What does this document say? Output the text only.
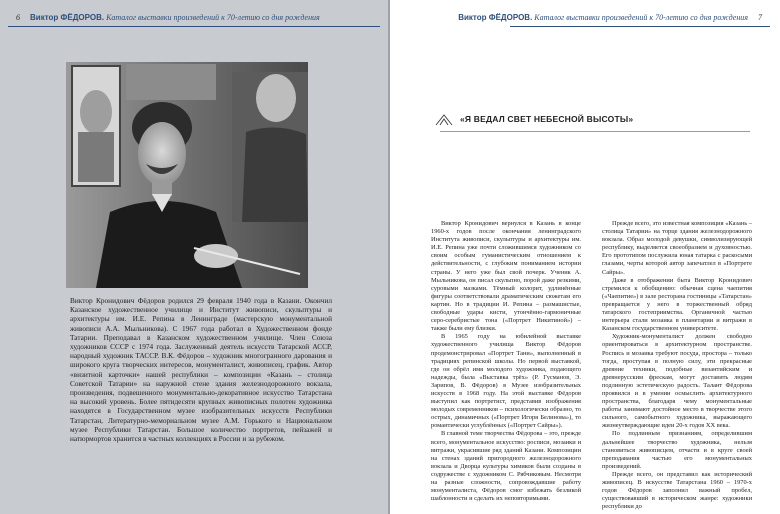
6 Виктор ФЁДОРОВ. Каталог выставки произведений к 70-летию со дня рождения
Виктор Кронидович Фёдоров родился 29 февраля 1940 года в Казани. Окончил Казанское художественное училище и Институт живописи, скульптуры и архитектуры им. И.Е. Репина в Ленинграде (мастерскую монументальной живописи А.А. Мыльникова). С 1967 года работал в Художественном фонде Татарии. Преподавал в Казанском художественном училище. Член Союза художников СССР с 1974 года. Заслуженный деятель искусств Татарской АССР, народный художник ТАССР. В.К. Фёдоров – художник многогранного дарования и широкого круга творческих интересов, монументалист, живописец, график. Автор «визитной карточки» нашей республики – композиции «Казань – столица Советской Татарии» на наружной стене здания железнодорожного вокзала, произведения, подвешенного монументально-декоративное искусство Татарстана на высокий уровень. Более пятидесяти крупных живописных полотен художника находятся в Государственном музее изобразительных искусств Республики Татарстан, Литературно-мемориальном музее А.М. Горького и Национальном музее Республики Татарстан. Большое количество портретов, пейзажей и натюрмортов хранится в частных коллекциях в России и за рубежом.
Виктор ФЁДОРОВ. Каталог выставки произведений к 70-летию со дня рождения 7
«Я ВЕДАЛ СВЕТ НЕБЕСНОЙ ВЫСОТЫ»

Виктор Кронидович вернулся в Казань в конце 1960-х годов после окончания ленинградского Института живописи, скульптуры и архитектуры им. И.Е. Репина уже почти сложившимся художником со своим особым гуманистическим отношением к действительности, с глубоким пониманием истории страны. У него уже был свой почерк. Ученик А. Мыльникова, он писал скульпно, порой даже резкими, суровыми мазками. Тёмный колорит, удлинённые фигуры соответствовали драматическим сюжетам его картин. Но в традиции И. Репина – размашистые, свободные удары кисти, утончённо-гармоничные серо-серебристые тона («Портрет Никитиной») – также были ему близки.

В 1965 году на юбилейной выставке художественного училища Виктор Фёдоров продемонстрировал «Портрет Тани», выполненный в традициях репинской школы. Но первой выставкой, где он обрёл имя молодого художника, подающего надежды, была «Выставка трёх» (Р. Гусманов, Э. Зарипов, В. Фёдоров) в Музее изобразительных искусств в 1968 году. На этой выставке Фёдоров выступил как портретист, представив изображения молодых современников – психологически образно, то острых, динамичных («Портрет Игоря Белинова»), то романтически углублённых («Портрет Сайры»).

В главной теме творчества Фёдорова – это, прежде всего, монументальное искусство: росписи, мозаики и витражи, украсившие ряд зданий Казани. Композиции на стенах зданий пригородного железнодорожного вокзала и Дворца культуры химиков были созданы в содружестве с художником С. Рябчиковым. Несмотря на разные сложности, сопровождавшие работу монументалиста, Фёдоров смог избежать безликой шаблонности и сделать их неповторимыми.

Прежде всего, это известная композиция «Казань – столица Татарии» на торце здания железнодорожного вокзала. Образ молодой девушки, символизирующей республику, выделяется своеобразием и духовностью. Его прототипом послужила юная татарка с раскосыми глазами, черты которой автор запечатлел в «Портрете Сайры».

Даже в отображении быта Виктор Кронидович стремился к обобщению: обычная сцена чаепития («Чаепитие») в зале ресторана гостиницы «Татарстан» превращается у него в торжественный обряд татарского гостеприимства. Органичной частью интерьера стали мозаика в планетарии и витражи в Казанском государственном университете.

Художник-монументалист должен свободно ориентироваться в архитектурном пространстве. Роспись и мозаика требуют посуда, простора – только тогда, проступая в полную силу, эти прекрасные древние техники, подобные византийским и древнерусским фрескам, могут доставить людям подлинную эстетическую радость. Талант Фёдорова проявился и в умении осмыслить архитектурного пространства, благодаря чему монументальные работы занимают достойное место в творчестве этого сильного, самобытного художника, выражающего жизнеутверждающие идеи 20-х годов XX века.

По подлинным признаниям, определившим дальнейшее творчество художника, нельзя становиться живописцем, отчасти и в круге своей преподавания частью его монументальных произведений.

Прежде всего, он представил как исторический живописец. В искусстве Татарстана 1960 – 1970-х годов Фёдоров заполнил важный пробел, существовавший в историческом жанре: художники республики до
